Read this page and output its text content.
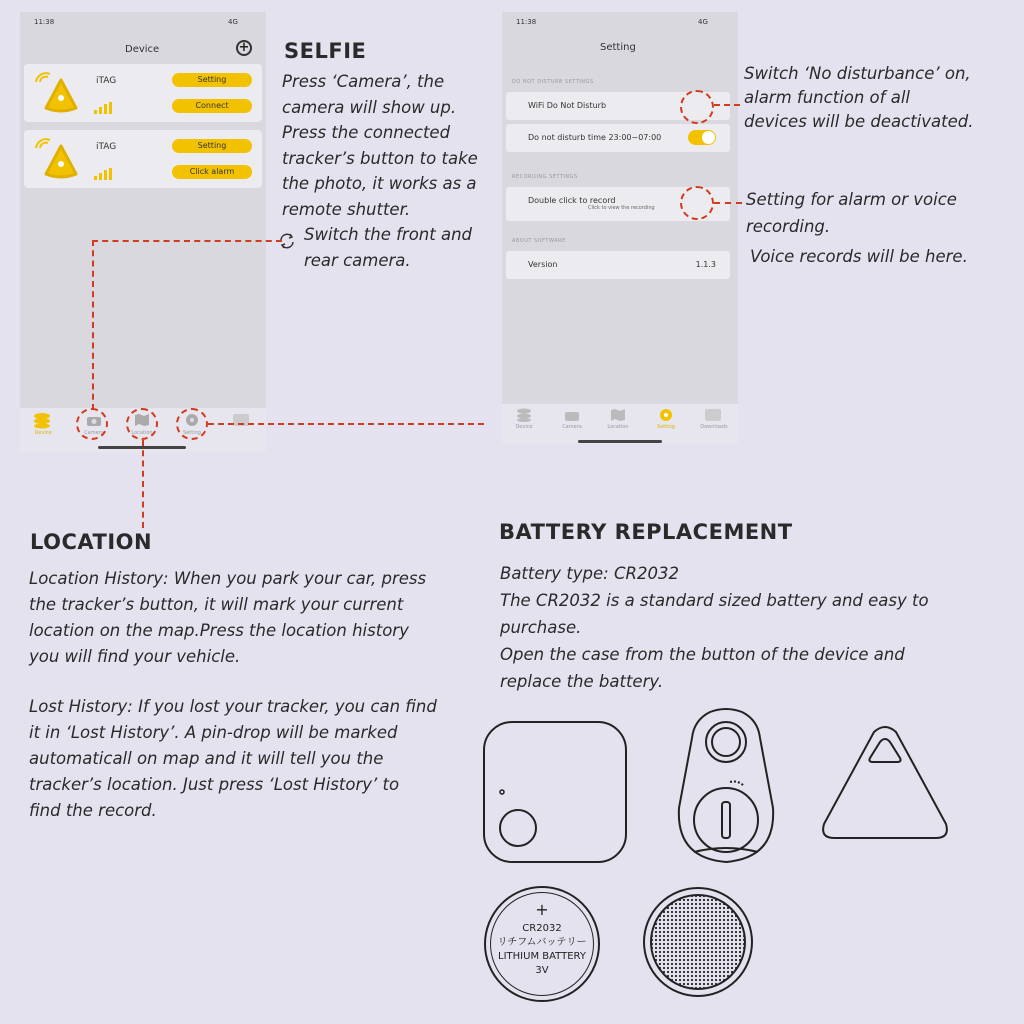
11:38	4G
Device	+
iTAG	Setting
Connect
iTAG	Setting
Click alarm
Device	Camera	Location	Setting
11:38	4G
Setting
DO NOT DISTURB SETTINGS
WiFi Do Not Disturb
Do not disturb time 23:00~07:00
RECORDING SETTINGS
Double click to record
Click to view the recording
ABOUT SOFTWARE
Version	1.1.3
Device	Camera	Location	Setting	Downloads
SELFIE

Press ‘Camera’, the

camera will show up.

Press the connected

tracker’s button to take

the photo, it works as a

remote shutter.

Switch the front and

rear camera.

Switch ‘No disturbance’ on,

alarm function of all

devices will be deactivated.

Setting for alarm or voice

recording.

Voice records will be here.
LOCATION

Location History: When you park your car, press

the tracker’s button, it will mark your current

location on the map.Press the location history

you will find your vehicle.

Lost History: If you lost your tracker, you can find

it in ‘Lost History’. A pin-drop will be marked

automaticall on map and it will tell you the

tracker’s location. Just press ‘Lost History’ to

find the record.

BATTERY REPLACEMENT

Battery type: CR2032

The CR2032 is a standard sized battery and easy to

purchase.

Open the case from the button of the device and

replace the battery.

+
CR2032
リチフムバッテリー
LITHIUM BATTERY
3V
